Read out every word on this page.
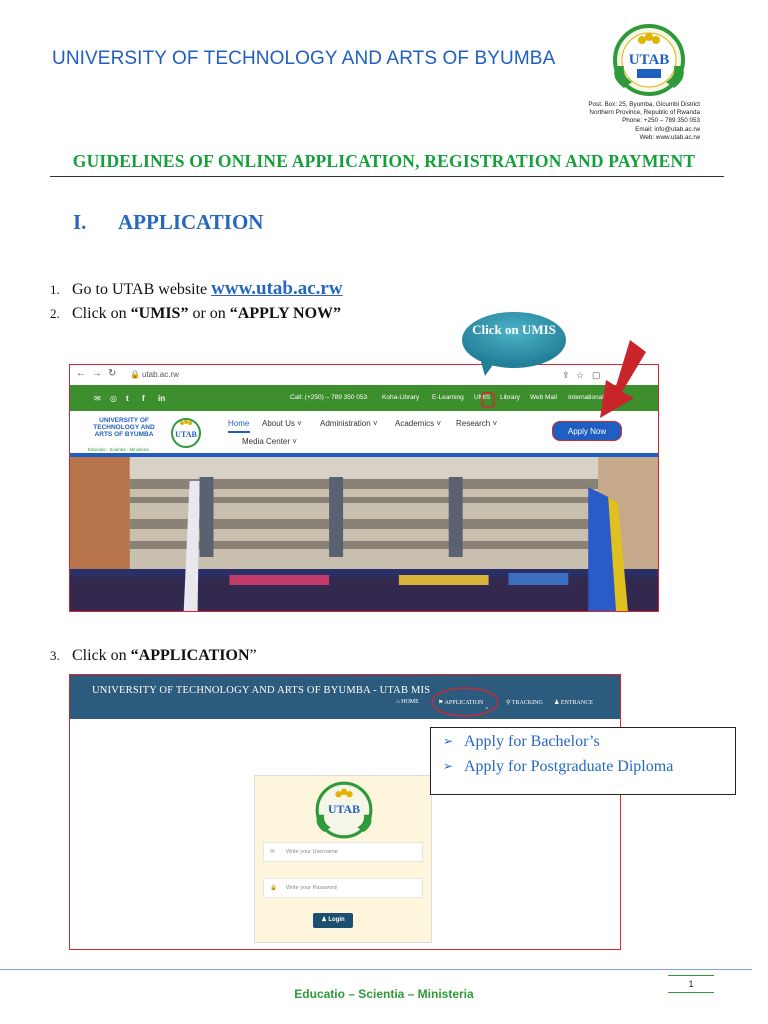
UNIVERSITY OF TECHNOLOGY AND ARTS OF BYUMBA	UTAB
Post. Box: 25, Byumba, Gicumbi District
Northern Province, Republic of Rwanda
Phone: +250 – 789 350 053
Email: info@utab.ac.rw
Web: www.utab.ac.rw
GUIDELINES OF ONLINE APPLICATION, REGISTRATION AND PAYMENT
I. APPLICATION
1. Go to UTAB website www.utab.ac.rw
2. Click on “UMIS” or on “APPLY NOW”
← → ↻ 🔒 utab.ac.rw	⇪ ☆ ▢
✉ ◎ t f in	Call: (+250) – 789 350 053 Koha-Library E-Learning UMIS Library Web Mail International
UNIVERSITY OF
TECHNOLOGY AND
ARTS OF BYUMBA
Educatio - Scientia - Ministeria
UTAB
Home About Us ˅ Administration ˅ Academics ˅ Research ˅
Media Center ˅
Apply Now
Click on UMIS
3. Click on “APPLICATION”
UNIVERSITY OF TECHNOLOGY AND ARTS OF BYUMBA - UTAB MIS
⌂ HOME	⚑ APPLICATION	⚲ TRACKING ♟ ENTRANCE
˅
UTAB
✉ Write your Username
🔒 Write your Password
♟ Login
➢ Apply for Bachelor’s
➢ Apply for Postgraduate Diploma
Educatio – Scientia – Ministeria
1
